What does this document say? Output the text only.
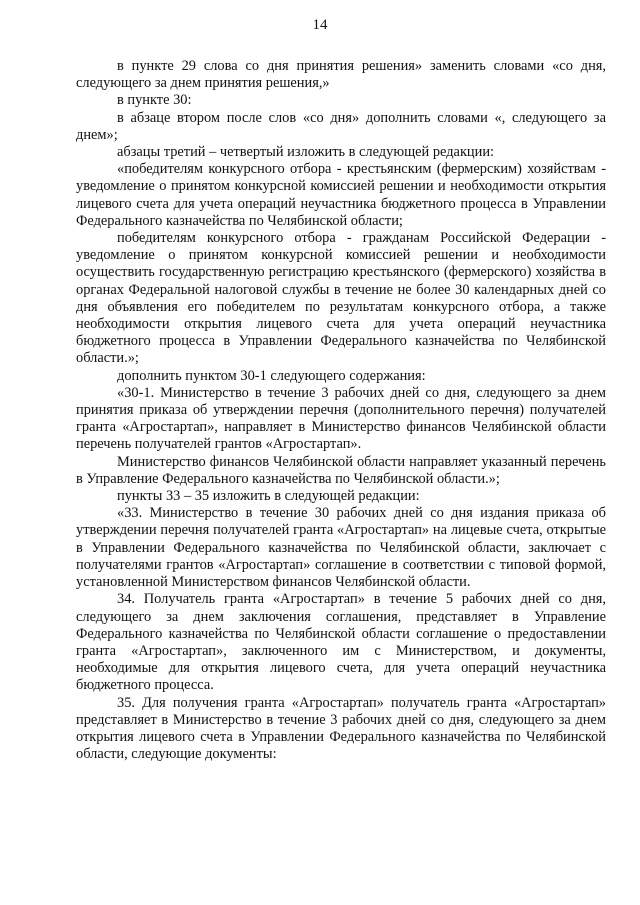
14

в пункте 29 слова со дня принятия решения» заменить словами «со дня, следующего за днем принятия решения,»

в пункте 30:

в абзаце втором после слов «со дня» дополнить словами «, следующего за днем»;

абзацы третий – четвертый изложить в следующей редакции:

«победителям конкурсного отбора - крестьянским (фермерским) хозяйствам - уведомление о принятом конкурсной комиссией решении и необходимости открытия лицевого счета для учета операций неучастника бюджетного процесса в Управлении Федерального казначейства по Челябинской области;

победителям конкурсного отбора - гражданам Российской Федерации - уведомление о принятом конкурсной комиссией решении и необходимости осуществить государственную регистрацию крестьянского (фермерского) хозяйства в органах Федеральной налоговой службы в течение не более 30 календарных дней со дня объявления его победителем по результатам конкурсного отбора, а также необходимости открытия лицевого счета для учета операций неучастника бюджетного процесса в Управлении Федерального казначейства по Челябинской области.»;

дополнить пунктом 30-1 следующего содержания:

«30-1. Министерство в течение 3 рабочих дней со дня, следующего за днем принятия приказа об утверждении перечня (дополнительного перечня) получателей гранта «Агростартап», направляет в Министерство финансов Челябинской области перечень получателей грантов «Агростартап».

Министерство финансов Челябинской области направляет указанный перечень в Управление Федерального казначейства по Челябинской области.»;

пункты 33 – 35 изложить в следующей редакции:

«33. Министерство в течение 30 рабочих дней со дня издания приказа об утверждении перечня получателей гранта «Агростартап» на лицевые счета, открытые в Управлении Федерального казначейства по Челябинской области, заключает с получателями грантов «Агростартап» соглашение в соответствии с типовой формой, установленной Министерством финансов Челябинской области.

34. Получатель гранта «Агростартап» в течение 5 рабочих дней со дня, следующего за днем заключения соглашения, представляет в Управление Федерального казначейства по Челябинской области соглашение о предоставлении гранта «Агростартап», заключенного им с Министерством, и документы, необходимые для открытия лицевого счета, для учета операций неучастника бюджетного процесса.

35. Для получения гранта «Агростартап» получатель гранта «Агростартап» представляет в Министерство в течение 3 рабочих дней со дня, следующего за днем открытия лицевого счета в Управлении Федерального казначейства по Челябинской области, следующие документы:
